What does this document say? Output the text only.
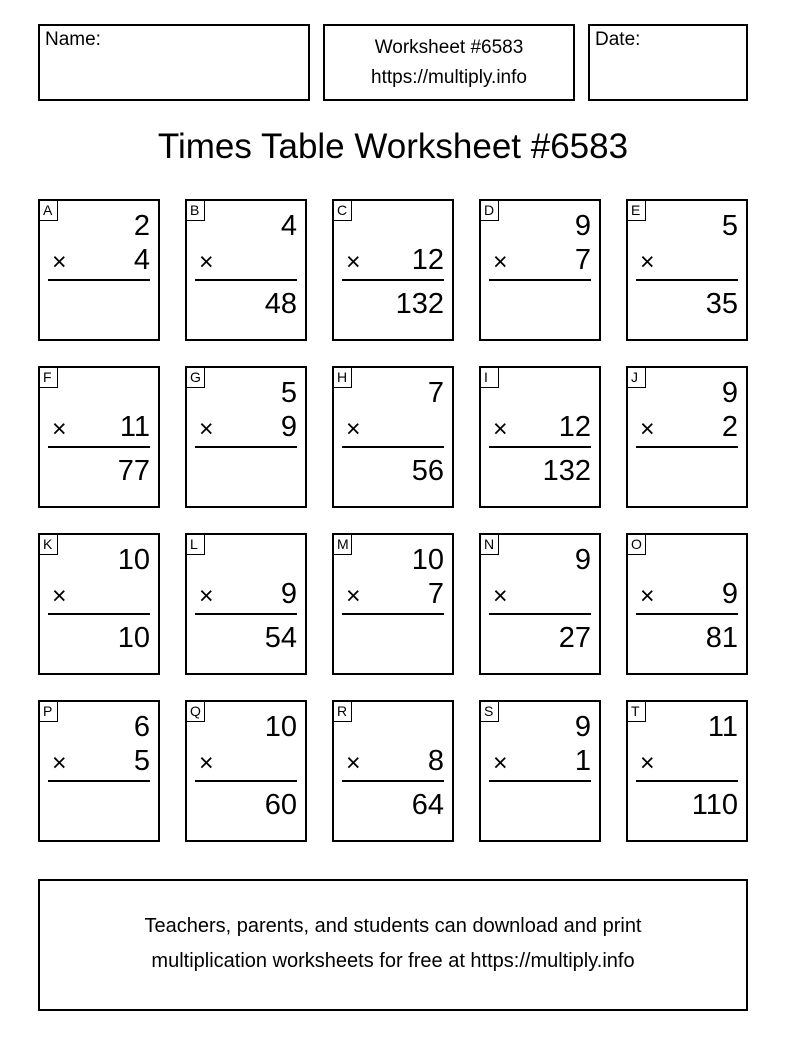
Name:	Worksheet #6583
https://multiply.info
Date:
Times Table Worksheet #6583
A	2
× 4
B	4
×
48
C
× 12
132
D	9
× 7
E	5
×
35
F
× 11
77
G	5
× 9
H	7
×
56
I
× 12
132
J	9
× 2
K 10
×
10
L
× 9
54
M 10
× 7
N	9
×
27
O
× 9
81
P	6
× 5
Q 10
×
60
R
× 8
64
S	9
× 1
T 11
×
110
Teachers, parents, and students can download and print
multiplication worksheets for free at https://multiply.info
